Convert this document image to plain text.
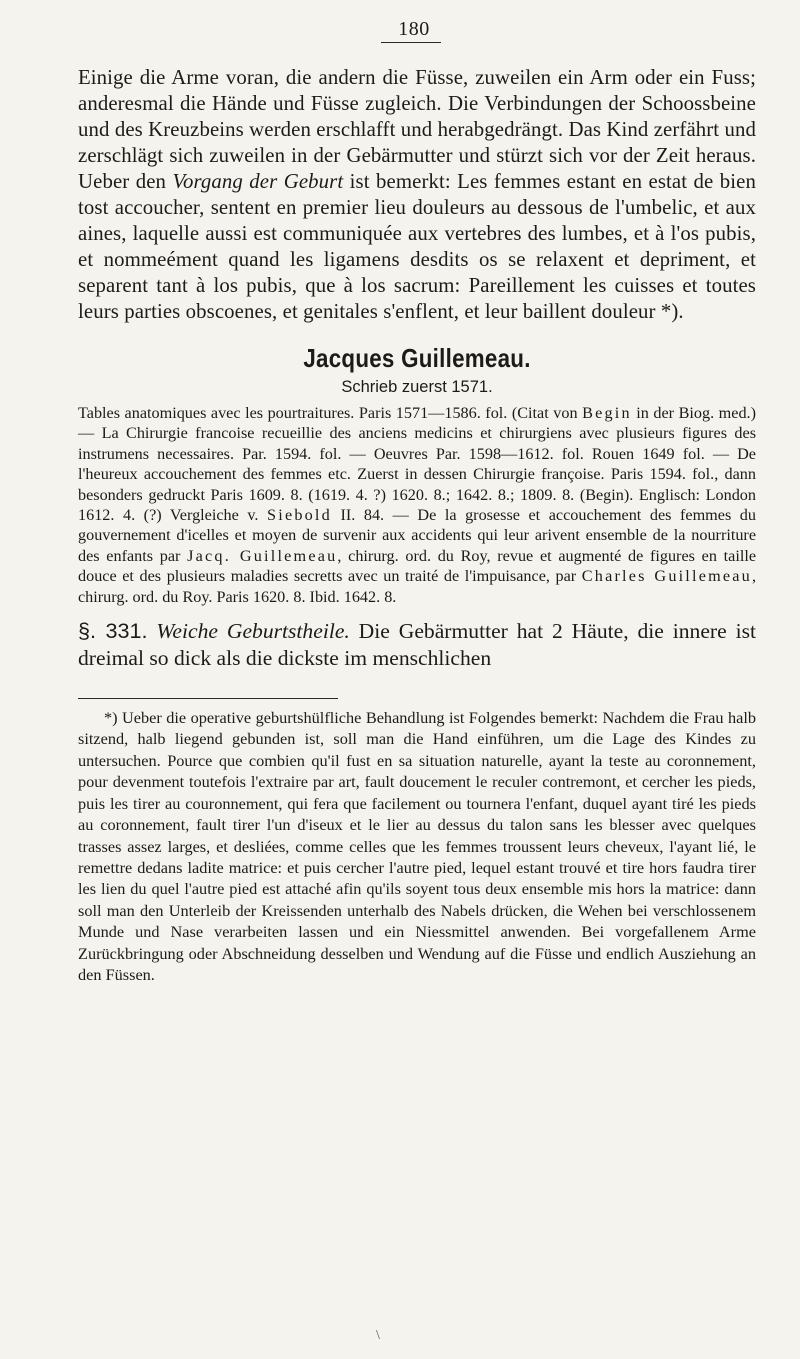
180

Einige die Arme voran, die andern die Füsse, zuweilen ein Arm oder ein Fuss; anderesmal die Hände und Füsse zugleich. Die Verbindungen der Schoossbeine und des Kreuzbeins werden erschlafft und herabgedrängt. Das Kind zerfährt und zerschlägt sich zuweilen in der Gebärmutter und stürzt sich vor der Zeit heraus. Ueber den Vorgang der Geburt ist bemerkt: Les femmes estant en estat de bien tost accoucher, sentent en premier lieu douleurs au dessous de l'umbelic, et aux aines, laquelle aussi est communiquée aux vertebres des lumbes, et à l'os pubis, et nommeément quand les ligamens desdits os se relaxent et depriment, et separent tant à los pubis, que à los sacrum: Pareillement les cuisses et toutes leurs parties obscoenes, et genitales s'enflent, et leur baillent douleur *).

Jacques Guillemeau.
Schrieb zuerst 1571.

Tables anatomiques avec les pourtraitures. Paris 1571—1586. fol. (Citat von Begin in der Biog. med.) — La Chirurgie francoise recueillie des anciens medicins et chirurgiens avec plusieurs figures des instrumens necessaires. Par. 1594. fol. — Oeuvres Par. 1598—1612. fol. Rouen 1649 fol. — De l'heureux accouchement des femmes etc. Zuerst in dessen Chirurgie françoise. Paris 1594. fol., dann besonders gedruckt Paris 1609. 8. (1619. 4. ?) 1620. 8.; 1642. 8.; 1809. 8. (Begin). Englisch: London 1612. 4. (?) Vergleiche v. Siebold II. 84. — De la grosesse et accouchement des femmes du gouvernement d'icelles et moyen de survenir aux accidents qui leur arivent ensemble de la nourriture des enfants par Jacq. Guillemeau, chirurg. ord. du Roy, revue et augmenté de figures en taille douce et des plusieurs maladies secretts avec un traité de l'impuisance, par Charles Guillemeau, chirurg. ord. du Roy. Paris 1620. 8. Ibid. 1642. 8.

§. 331. Weiche Geburtstheile. Die Gebärmutter hat 2 Häute, die innere ist dreimal so dick als die dickste im menschlichen

*) Ueber die operative geburtshülfliche Behandlung ist Folgendes bemerkt: Nachdem die Frau halb sitzend, halb liegend gebunden ist, soll man die Hand einführen, um die Lage des Kindes zu untersuchen. Pource que combien qu'il fust en sa situation naturelle, ayant la teste au coronnement, pour devenment toutefois l'extraire par art, fault doucement le reculer contremont, et cercher les pieds, puis les tirer au couronnement, qui fera que facilement ou tournera l'enfant, duquel ayant tiré les pieds au coronnement, fault tirer l'un d'iseux et le lier au dessus du talon sans les blesser avec quelques trasses assez larges, et desliées, comme celles que les femmes troussent leurs cheveux, l'ayant lié, le remettre dedans ladite matrice: et puis cercher l'autre pied, lequel estant trouvé et tire hors faudra tirer les lien du quel l'autre pied est attaché afin qu'ils soyent tous deux ensemble mis hors la matrice: dann soll man den Unterleib der Kreissenden unterhalb des Nabels drücken, die Wehen bei verschlossenem Munde und Nase verarbeiten lassen und ein Niessmittel anwenden. Bei vorgefallenem Arme Zurückbringung oder Abschneidung desselben und Wendung auf die Füsse und endlich Ausziehung an den Füssen.

\
